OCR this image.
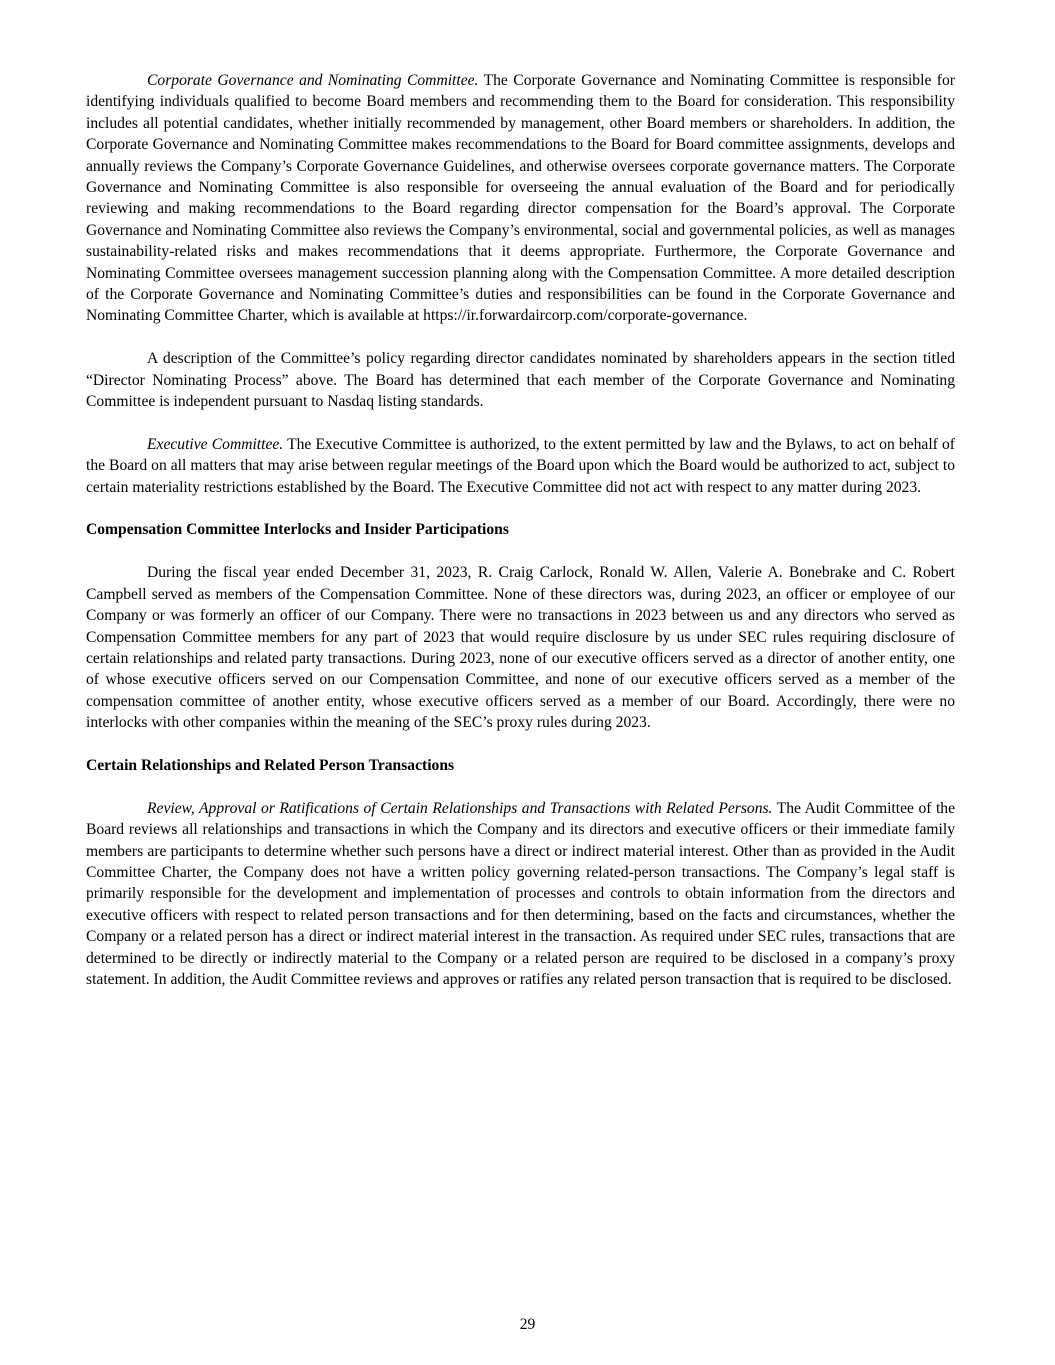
Corporate Governance and Nominating Committee. The Corporate Governance and Nominating Committee is responsible for identifying individuals qualified to become Board members and recommending them to the Board for consideration. This responsibility includes all potential candidates, whether initially recommended by management, other Board members or shareholders. In addition, the Corporate Governance and Nominating Committee makes recommendations to the Board for Board committee assignments, develops and annually reviews the Company’s Corporate Governance Guidelines, and otherwise oversees corporate governance matters. The Corporate Governance and Nominating Committee is also responsible for overseeing the annual evaluation of the Board and for periodically reviewing and making recommendations to the Board regarding director compensation for the Board’s approval. The Corporate Governance and Nominating Committee also reviews the Company’s environmental, social and governmental policies, as well as manages sustainability-related risks and makes recommendations that it deems appropriate. Furthermore, the Corporate Governance and Nominating Committee oversees management succession planning along with the Compensation Committee. A more detailed description of the Corporate Governance and Nominating Committee’s duties and responsibilities can be found in the Corporate Governance and Nominating Committee Charter, which is available at https://ir.forwardaircorp.com/corporate-governance.

A description of the Committee’s policy regarding director candidates nominated by shareholders appears in the section titled “Director Nominating Process” above. The Board has determined that each member of the Corporate Governance and Nominating Committee is independent pursuant to Nasdaq listing standards.

Executive Committee. The Executive Committee is authorized, to the extent permitted by law and the Bylaws, to act on behalf of the Board on all matters that may arise between regular meetings of the Board upon which the Board would be authorized to act, subject to certain materiality restrictions established by the Board. The Executive Committee did not act with respect to any matter during 2023.

Compensation Committee Interlocks and Insider Participations

During the fiscal year ended December 31, 2023, R. Craig Carlock, Ronald W. Allen, Valerie A. Bonebrake and C. Robert Campbell served as members of the Compensation Committee. None of these directors was, during 2023, an officer or employee of our Company or was formerly an officer of our Company. There were no transactions in 2023 between us and any directors who served as Compensation Committee members for any part of 2023 that would require disclosure by us under SEC rules requiring disclosure of certain relationships and related party transactions. During 2023, none of our executive officers served as a director of another entity, one of whose executive officers served on our Compensation Committee, and none of our executive officers served as a member of the compensation committee of another entity, whose executive officers served as a member of our Board. Accordingly, there were no interlocks with other companies within the meaning of the SEC’s proxy rules during 2023.

Certain Relationships and Related Person Transactions

Review, Approval or Ratifications of Certain Relationships and Transactions with Related Persons. The Audit Committee of the Board reviews all relationships and transactions in which the Company and its directors and executive officers or their immediate family members are participants to determine whether such persons have a direct or indirect material interest. Other than as provided in the Audit Committee Charter, the Company does not have a written policy governing related-person transactions. The Company’s legal staff is primarily responsible for the development and implementation of processes and controls to obtain information from the directors and executive officers with respect to related person transactions and for then determining, based on the facts and circumstances, whether the Company or a related person has a direct or indirect material interest in the transaction. As required under SEC rules, transactions that are determined to be directly or indirectly material to the Company or a related person are required to be disclosed in a company’s proxy statement. In addition, the Audit Committee reviews and approves or ratifies any related person transaction that is required to be disclosed.

29
